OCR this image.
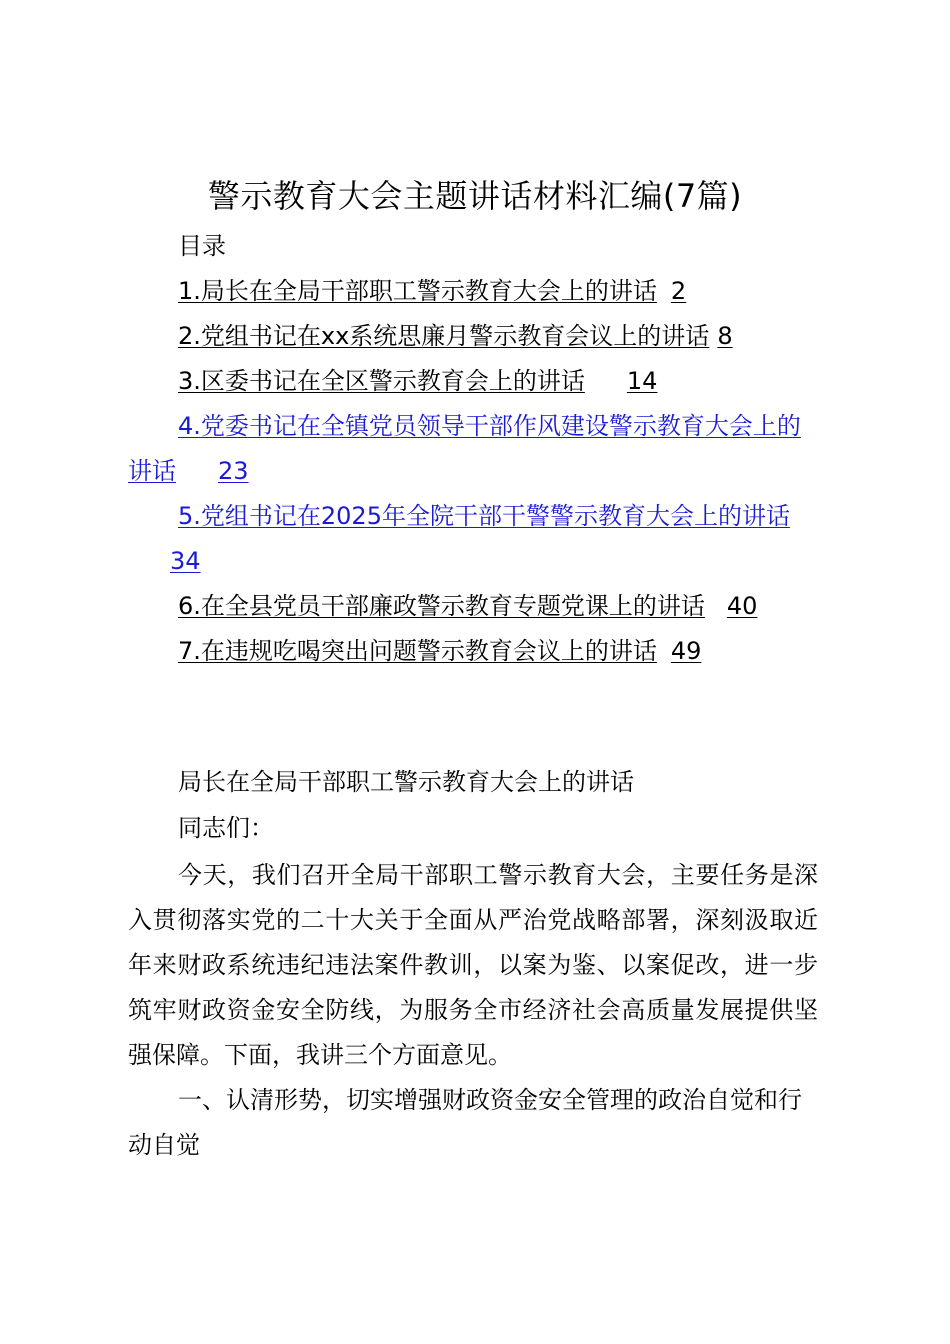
警示教育大会主题讲话材料汇编(7篇)
目录
1.局长在全局干部职工警示教育大会上的讲话 2
2.党组书记在xx系统思廉月警示教育会议上的讲话 8
3.区委书记在全区警示教育会上的讲话 14
4.党委书记在全镇党员领导干部作风建设警示教育大会上的讲话 23
5.党组书记在2025年全院干部干警警示教育大会上的讲话34
6.在全县党员干部廉政警示教育专题党课上的讲话 40
7.在违规吃喝突出问题警示教育会议上的讲话 49

局长在全局干部职工警示教育大会上的讲话

同志们：

今天，我们召开全局干部职工警示教育大会，主要任务是深入贯彻落实党的二十大关于全面从严治党战略部署，深刻汲取近年来财政系统违纪违法案件教训，以案为鉴、以案促改，进一步筑牢财政资金安全防线，为服务全市经济社会高质量发展提供坚强保障。下面，我讲三个方面意见。

一、认清形势，切实增强财政资金安全管理的政治自觉和行动自觉
